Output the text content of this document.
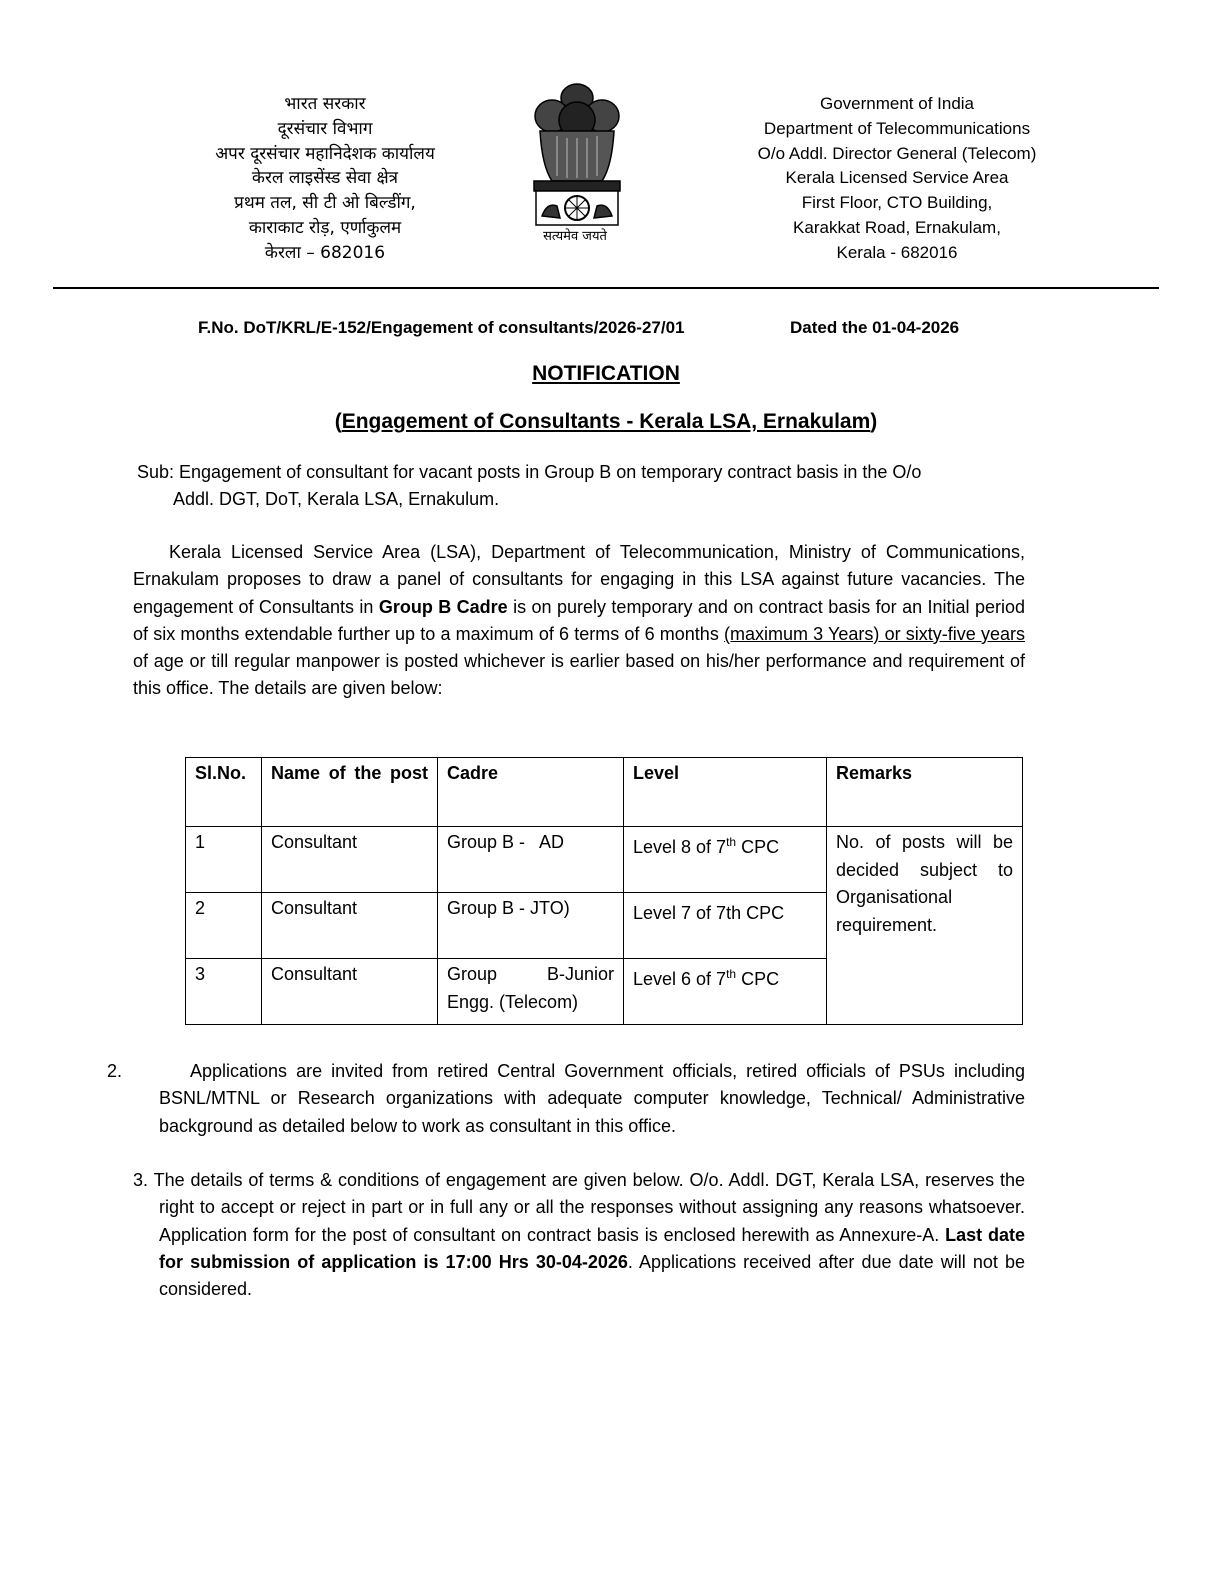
भारत सरकार
दूरसंचार विभाग
अपर दूरसंचार महानिदेशक कार्यालय
केरल लाइसेंस्ड सेवा क्षेत्र
प्रथम तल, सी टी ओ बिल्डींग,
काराकाट रोड़, एर्णाकुलम
केरला – 682016
सत्यमेव जयते
Government of India
Department of Telecommunications
O/o Addl. Director General (Telecom)
Kerala Licensed Service Area
First Floor, CTO Building,
Karakkat Road, Ernakulam,
Kerala - 682016
F.No. DoT/KRL/E-152/Engagement of consultants/2026-27/01	Dated the 01-04-2026
NOTIFICATION
(Engagement of Consultants - Kerala LSA, Ernakulam)
Sub: Engagement of consultant for vacant posts in Group B on temporary contract basis in the O/o
Addl. DGT, DoT, Kerala LSA, Ernakulum.
Kerala Licensed Service Area (LSA), Department of Telecommunication, Ministry of Communications, Ernakulam proposes to draw a panel of consultants for engaging in this LSA against future vacancies. The engagement of Consultants in Group B Cadre is on purely temporary and on contract basis for an Initial period of six months extendable further up to a maximum of 6 terms of 6 months (maximum 3 Years) or sixty-five years of age or till regular manpower is posted whichever is earlier based on his/her performance and requirement of this office. The details are given below:
Sl.No.	Name of the post	Cadre	Level	Remarks
1	Consultant	Group B -   AD	Level 8 of 7th CPC	No. of posts will be decided subject to Organisational requirement.
2	Consultant	Group B - JTO)	Level 7 of 7th CPC	
3	Consultant	Group B-Junior Engg. (Telecom)	Level 6 of 7th CPC	
2.	Applications are invited from retired Central Government officials, retired officials of PSUs including BSNL/MTNL or Research organizations with adequate computer knowledge, Technical/ Administrative background as detailed below to work as consultant in this office.
3. The details of terms & conditions of engagement are given below. O/o. Addl. DGT, Kerala LSA, reserves the right to accept or reject in part or in full any or all the responses without assigning any reasons whatsoever. Application form for the post of consultant on contract basis is enclosed herewith as Annexure-A. Last date for submission of application is 17:00 Hrs 30-04-2026. Applications received after due date will not be considered.
